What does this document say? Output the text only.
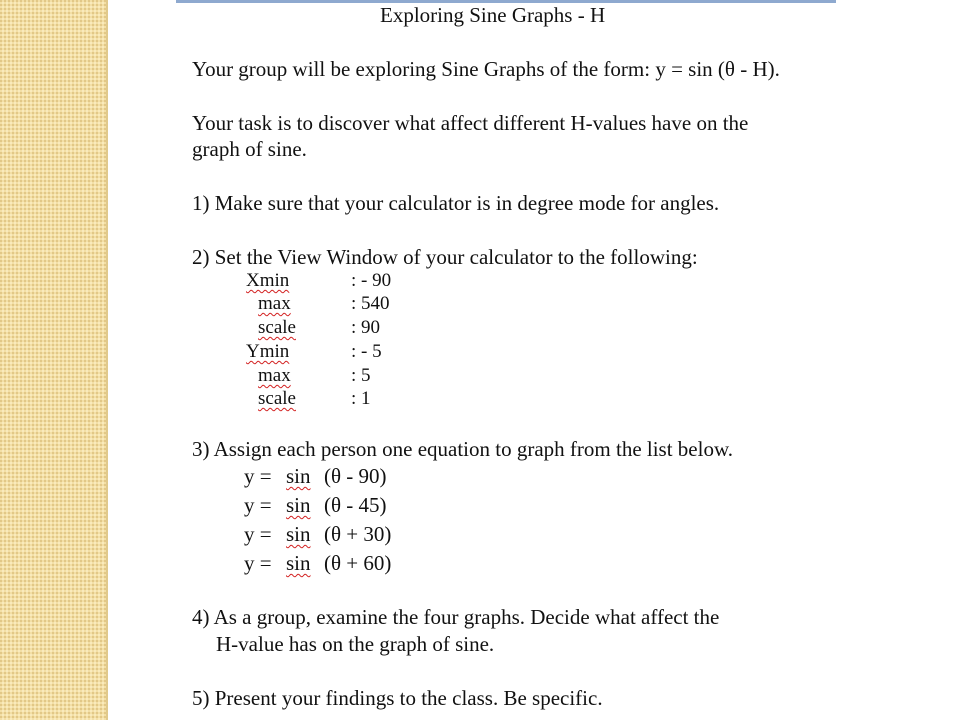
Exploring Sine Graphs - H
Your group will be exploring Sine Graphs of the form: y = sin (θ - H).
Your task is to discover what affect different H-values have on the
graph of sine.
1) Make sure that your calculator is in degree mode for angles.
2) Set the View Window of your calculator to the following:
Xmin	: - 90
max	: 540
scale	: 90
Ymin	: - 5
max	: 5
scale	: 1
3) Assign each person one equation to graph from the list below.
y = sin (θ - 90)
y = sin (θ - 45)
y = sin (θ + 30)
y = sin (θ + 60)
4) As a group, examine the four graphs. Decide what affect the
H-value has on the graph of sine.
5) Present your findings to the class. Be specific.
